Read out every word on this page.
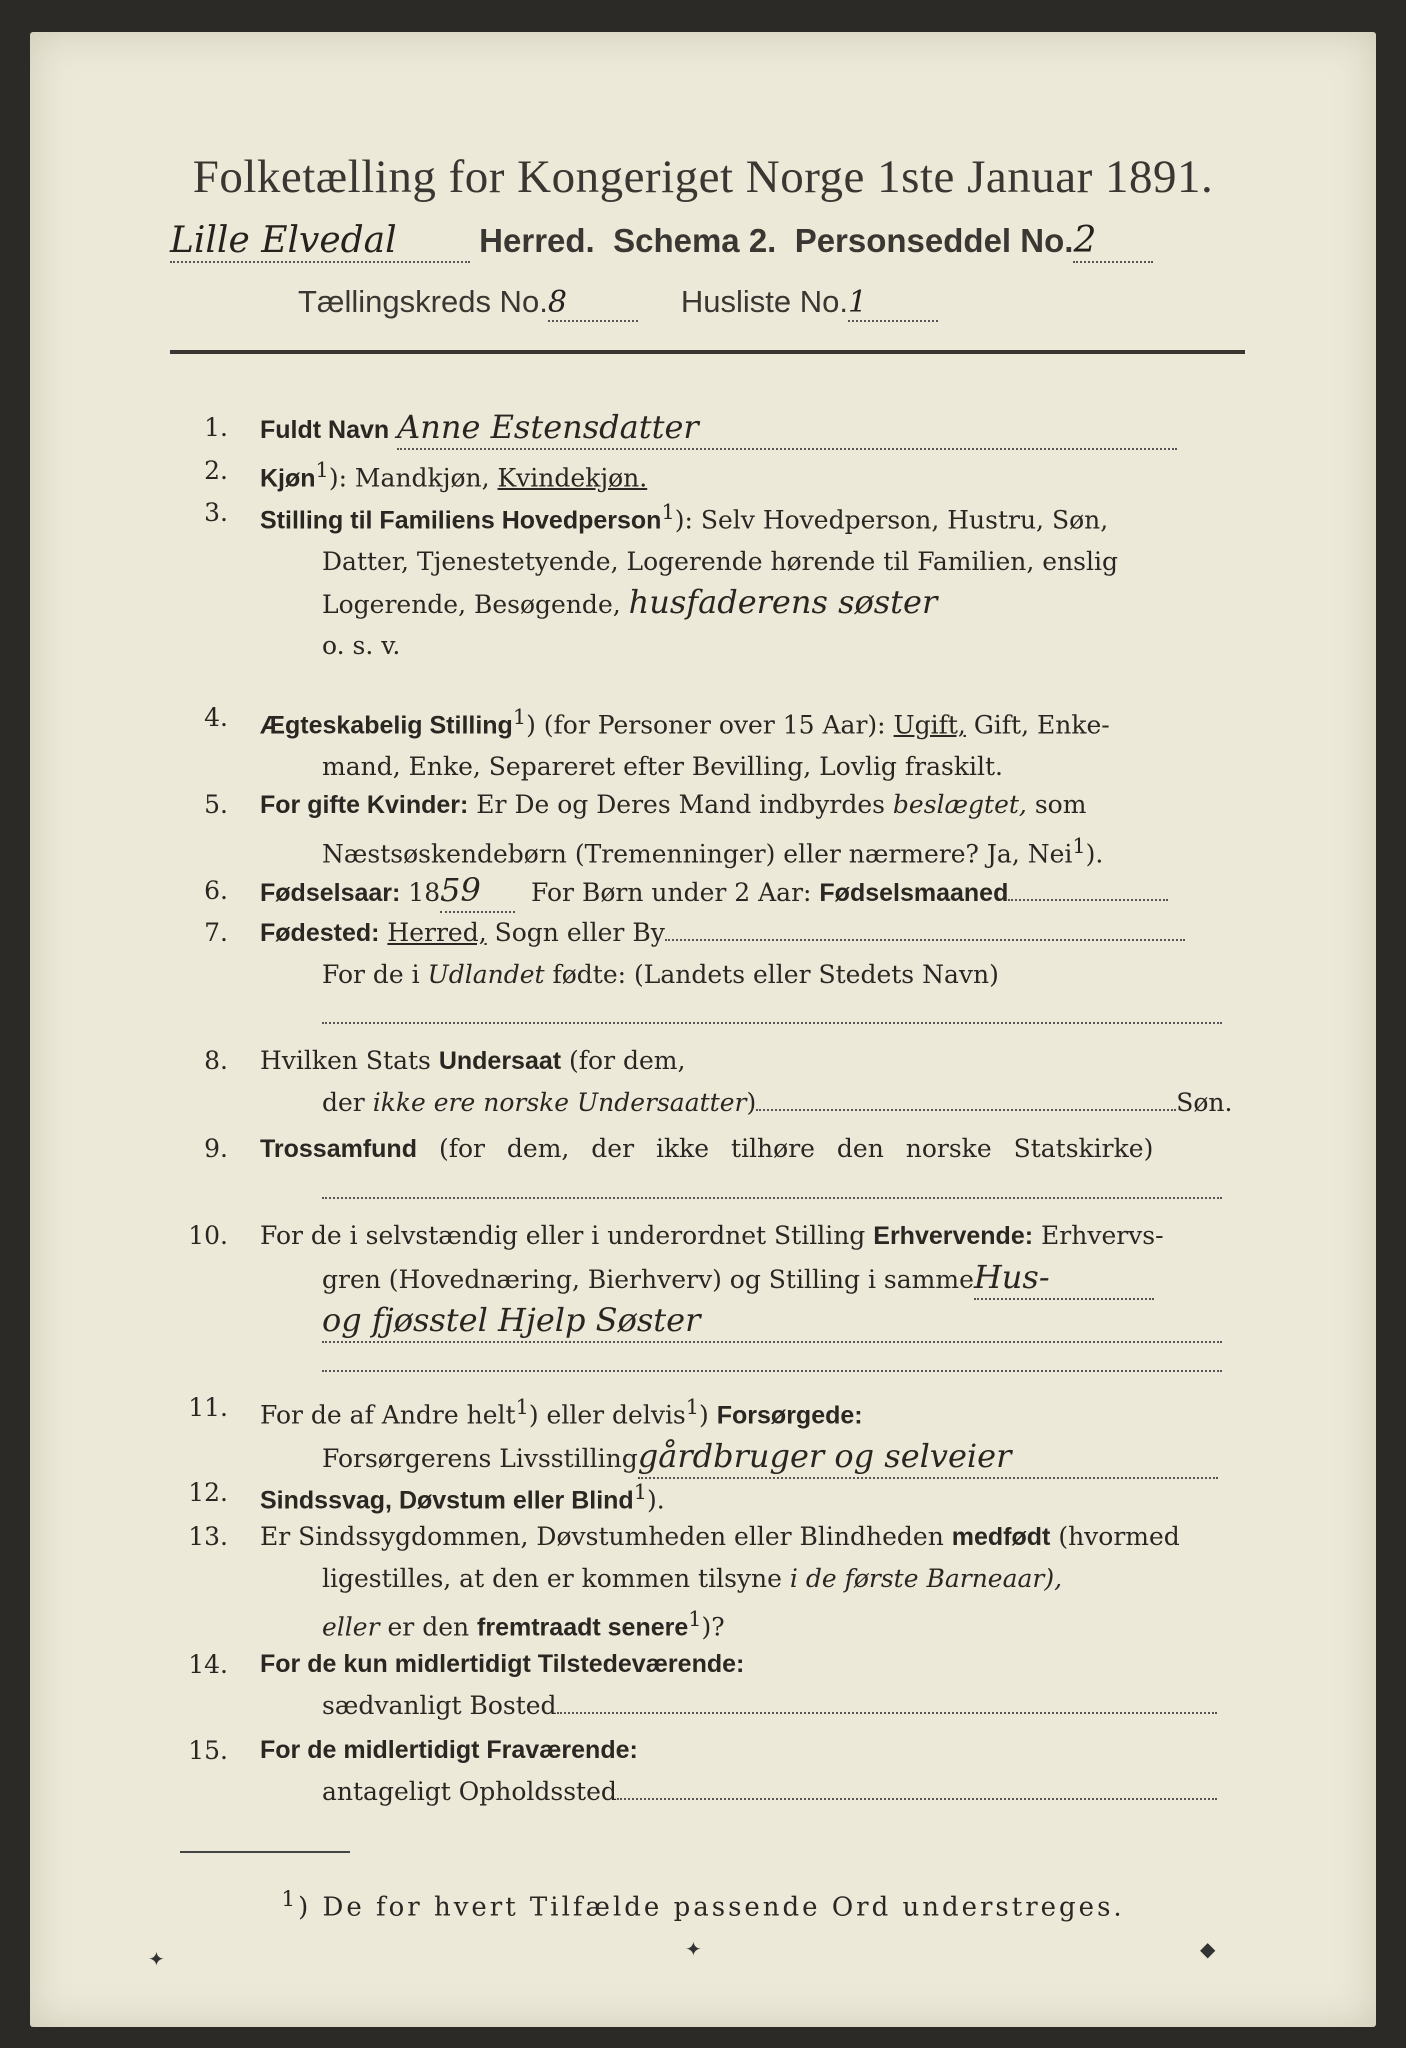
Folketælling for Kongeriget Norge 1ste Januar 1891.
Lille Elvedal	Herred. Schema 2. Personseddel No.2
Tællingskreds No.8	Husliste No.1
1. Fuldt Navn Anne Estensdatter
2. Kjøn$^1$): Mandkjøn, Kvindekjøn.
3. Stilling til Familiens Hovedperson$^1$): Selv Hovedperson, Hustru, Søn,
Datter, Tjenestetyende, Logerende hørende til Familien, enslig
Logerende, Besøgende, husfaderens søster
o. s. v.
4. Ægteskabelig Stilling$^1$) (for Personer over 15 Aar): Ugift, Gift, Enke-
mand, Enke, Separeret efter Bevilling, Lovlig fraskilt.
5. For gifte Kvinder: Er De og Deres Mand indbyrdes beslægtet, som
Næstsøskendebørn (Tremenninger) eller nærmere? Ja, Nei$^1$).
6. Fødselsaar: 1859 For Børn under 2 Aar: Fødselsmaaned
7. Fødested: Herred, Sogn eller By
For de i Udlandet fødte: (Landets eller Stedets Navn)
8. Hvilken Stats Undersaat (for dem,
der ikke ere norske Undersaatter)	Søn.
9. Trossamfund (for dem, der ikke tilhøre den norske Statskirke)
10. For de i selvstændig eller i underordnet Stilling Erhvervende: Erhvervs-
gren (Hovednæring, Bierhverv) og Stilling i sammeHus-
og fjøsstel Hjelp Søster
11. For de af Andre helt$^1$) eller delvis$^1$) Forsørgede:
Forsørgerens Livsstillinggårdbruger og selveier
12. Sindssvag, Døvstum eller Blind$^1$).
13. Er Sindssygdommen, Døvstumheden eller Blindheden medfødt (hvormed
ligestilles, at den er kommen tilsyne i de første Barneaar),
eller er den fremtraadt senere$^1$)?
14. For de kun midlertidigt Tilstedeværende:
sædvanligt Bosted
15. For de midlertidigt Fraværende:
antageligt Opholdssted
$^1$) De for hvert Tilfælde passende Ord understreges.
✦	✦	◆
